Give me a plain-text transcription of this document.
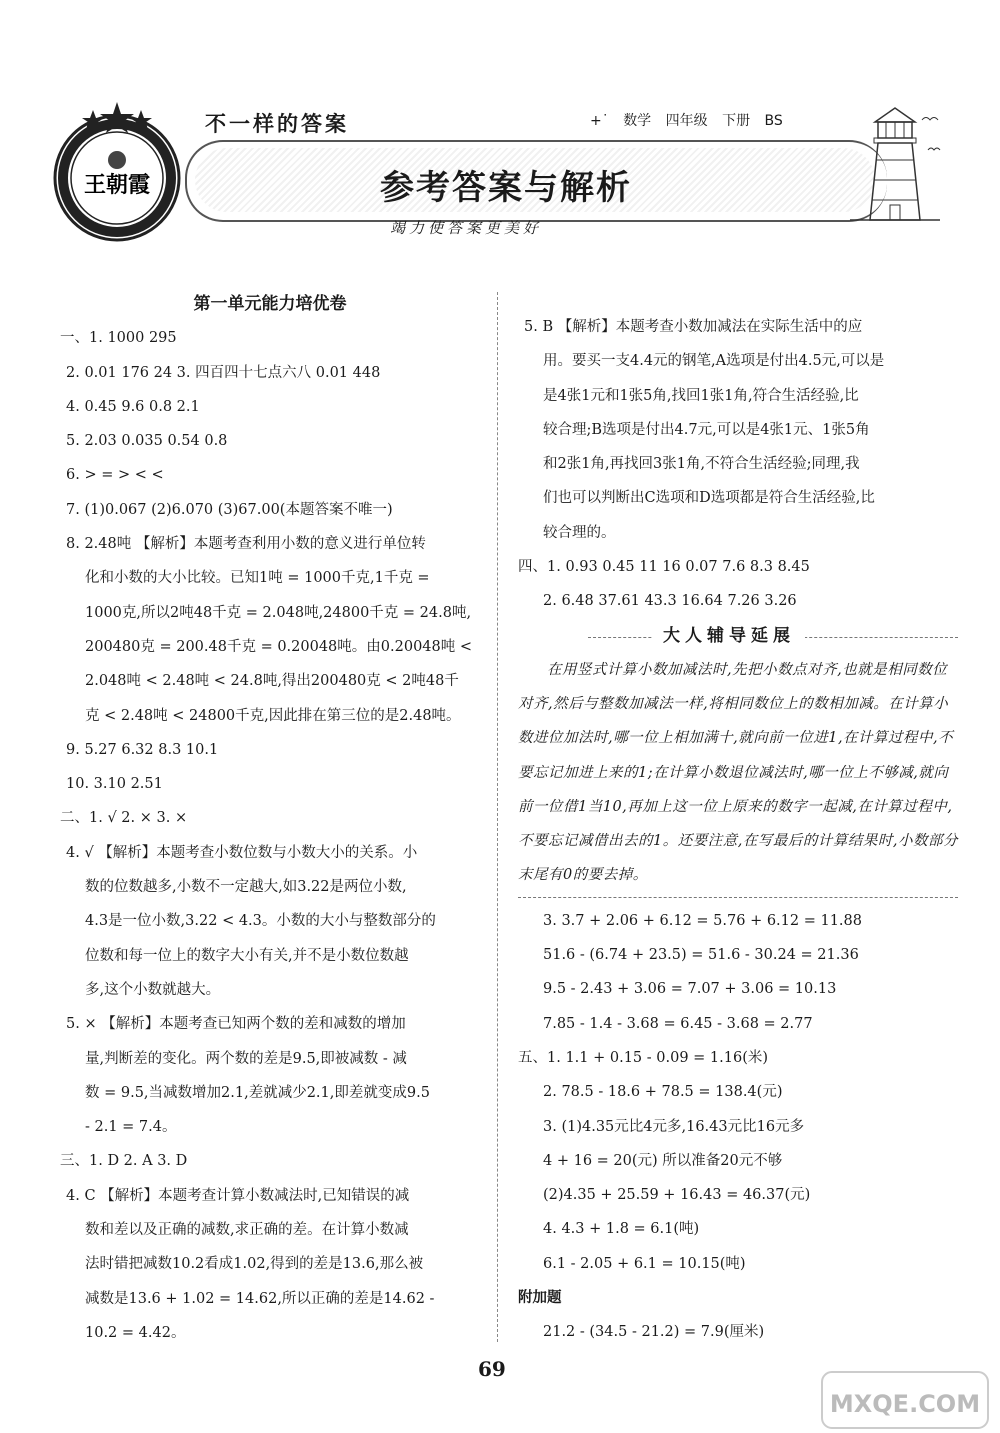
王朝霞
不一样的答案	+˙ 数学 四年级 下册 BS
参考答案与解析
竭力使答案更美好
第一单元能力培优卷
一、1. 1000 295
2. 0.01 176 24 3. 四百四十七点六八 0.01 448
4. 0.45 9.6 0.8 2.1
5. 2.03 0.035 0.54 0.8
6. > = > < <
7. (1)0.067 (2)6.070 (3)67.00(本题答案不唯一)
8. 2.48吨 【解析】本题考查利用小数的意义进行单位转
化和小数的大小比较。已知1吨 = 1000千克,1千克 =
1000克,所以2吨48千克 = 2.048吨,24800千克 = 24.8吨,
200480克 = 200.48千克 = 0.20048吨。由0.20048吨 <
2.048吨 < 2.48吨 < 24.8吨,得出200480克 < 2吨48千
克 < 2.48吨 < 24800千克,因此排在第三位的是2.48吨。
9. 5.27 6.32 8.3 10.1
10. 3.10 2.51
二、1. √ 2. × 3. ×
4. √ 【解析】本题考查小数位数与小数大小的关系。小
数的位数越多,小数不一定越大,如3.22是两位小数,
4.3是一位小数,3.22 < 4.3。小数的大小与整数部分的
位数和每一位上的数字大小有关,并不是小数位数越
多,这个小数就越大。
5. × 【解析】本题考查已知两个数的差和减数的增加
量,判断差的变化。两个数的差是9.5,即被减数 - 减
数 = 9.5,当减数增加2.1,差就减少2.1,即差就变成9.5
- 2.1 = 7.4。
三、1. D 2. A 3. D
4. C 【解析】本题考查计算小数减法时,已知错误的减
数和差以及正确的减数,求正确的差。在计算小数减
法时错把减数10.2看成1.02,得到的差是13.6,那么被
减数是13.6 + 1.02 = 14.62,所以正确的差是14.62 -
10.2 = 4.42。
5. B 【解析】本题考查小数加减法在实际生活中的应
用。要买一支4.4元的钢笔,A选项是付出4.5元,可以是
是4张1元和1张5角,找回1张1角,符合生活经验,比
较合理;B选项是付出4.7元,可以是4张1元、1张5角
和2张1角,再找回3张1角,不符合生活经验;同理,我
们也可以判断出C选项和D选项都是符合生活经验,比
较合理的。
四、1. 0.93 0.45 11 16 0.07 7.6 8.3 8.45
2. 6.48 37.61 43.3 16.64 7.26 3.26
大人辅导延展
在用竖式计算小数加减法时,先把小数点对齐,也就是相同数位对齐,然后与整数加减法一样,将相同数位上的数相加减。在计算小数进位加法时,哪一位上相加满十,就向前一位进1,在计算过程中,不要忘记加进上来的1;在计算小数退位减法时,哪一位上不够减,就向前一位借1当10,再加上这一位上原来的数字一起减,在计算过程中,不要忘记减借出去的1。还要注意,在写最后的计算结果时,小数部分末尾有0的要去掉。
3. 3.7 + 2.06 + 6.12 = 5.76 + 6.12 = 11.88
51.6 - (6.74 + 23.5) = 51.6 - 30.24 = 21.36
9.5 - 2.43 + 3.06 = 7.07 + 3.06 = 10.13
7.85 - 1.4 - 3.68 = 6.45 - 3.68 = 2.77
五、1. 1.1 + 0.15 - 0.09 = 1.16(米)
2. 78.5 - 18.6 + 78.5 = 138.4(元)
3. (1)4.35元比4元多,16.43元比16元多
4 + 16 = 20(元) 所以准备20元不够
(2)4.35 + 25.59 + 16.43 = 46.37(元)
4. 4.3 + 1.8 = 6.1(吨)
6.1 - 2.05 + 6.1 = 10.15(吨)
附加题
21.2 - (34.5 - 21.2) = 7.9(厘米)
69
MXQE.COM
